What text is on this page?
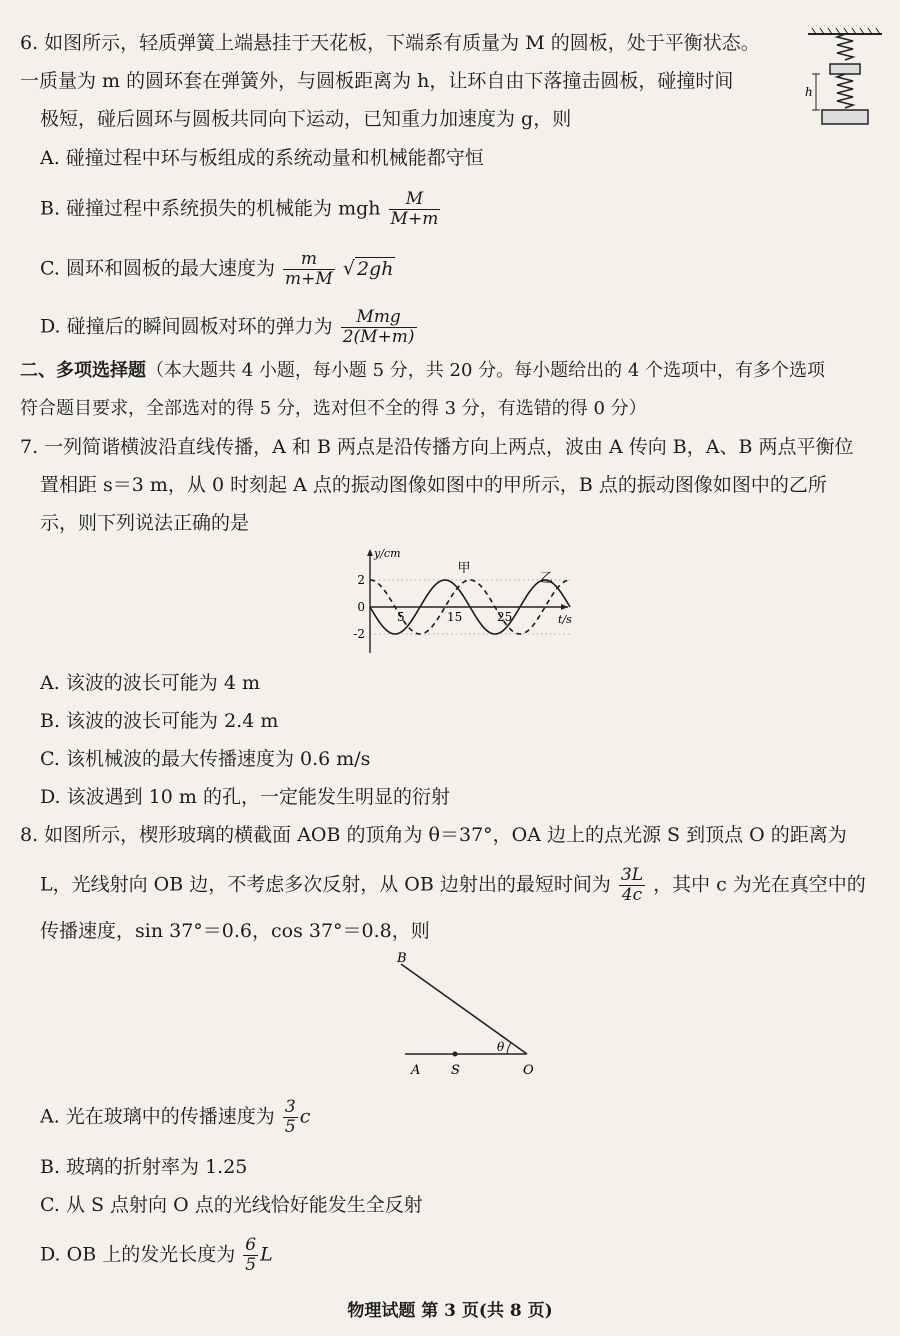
6. 如图所示，轻质弹簧上端悬挂于天花板，下端系有质量为 M 的圆板，处于平衡状态。
一质量为 m 的圆环套在弹簧外，与圆板距离为 h，让环自由下落撞击圆板，碰撞时间
极短，碰后圆环与圆板共同向下运动，已知重力加速度为 g，则
h
A. 碰撞过程中环与板组成的系统动量和机械能都守恒
B. 碰撞过程中系统损失的机械能为 mgh $\frac{M}{M+m}$
C. 圆环和圆板的最大速度为 $\frac{m}{m+M}$ √ 2gh
D. 碰撞后的瞬间圆板对环的弹力为 $\frac{\text{Mmg}}{2(M+m)}$
二、多项选择题（本大题共 4 小题，每小题 5 分，共 20 分。每小题给出的 4 个选项中，有多个选项
符合题目要求，全部选对的得 5 分，选对但不全的得 3 分，有选错的得 0 分）
7. 一列简谐横波沿直线传播，A 和 B 两点是沿传播方向上两点，波由 A 传向 B，A、B 两点平衡位
置相距 s＝3 m，从 0 时刻起 A 点的振动图像如图中的甲所示，B 点的振动图像如图中的乙所
示，则下列说法正确的是
y/cm
t/s
5	15	25
2
0
-2
甲
乙
A. 该波的波长可能为 4 m
B. 该波的波长可能为 2.4 m
C. 该机械波的最大传播速度为 0.6 m/s
D. 该波遇到 10 m 的孔，一定能发生明显的衍射
8. 如图所示，楔形玻璃的横截面 AOB 的顶角为 θ＝37°，OA 边上的点光源 S 到顶点 O 的距离为
L，光线射向 OB 边，不考虑多次反射，从 OB 边射出的最短时间为 $\frac{3L}{4c}$ ，其中 c 为光在真空中的
传播速度，sin 37°＝0.6，cos 37°＝0.8，则
B
A S	O
θ
A. 光在玻璃中的传播速度为 $\frac{3}{5}$ c
B. 玻璃的折射率为 1.25
C. 从 S 点射向 O 点的光线恰好能发生全反射
D. OB 上的发光长度为 $\frac{6}{5}$ L
物理试题 第 3 页(共 8 页)
